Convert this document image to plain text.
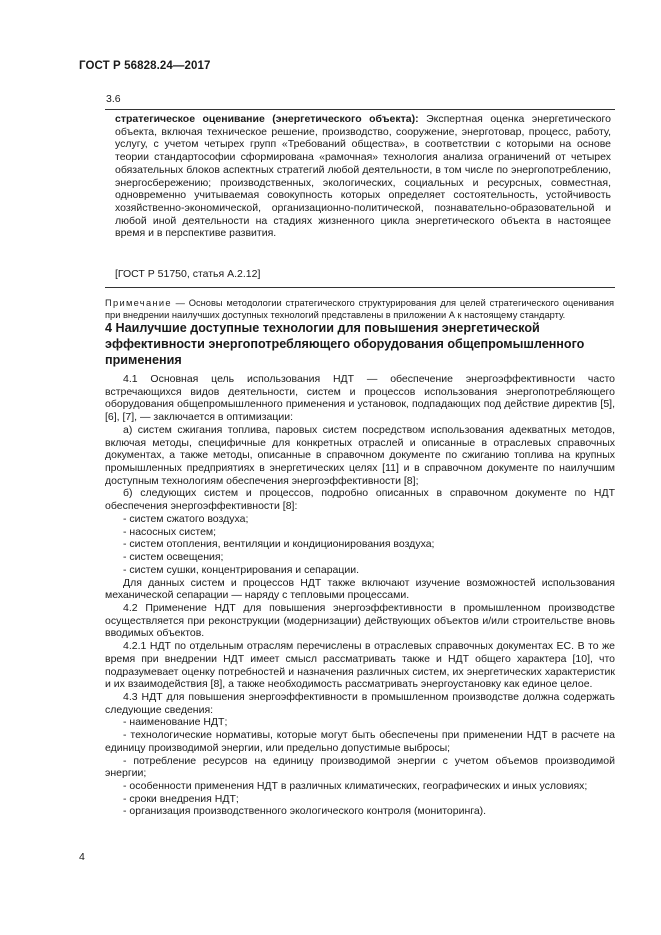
ГОСТ Р 56828.24—2017
3.6
стратегическое оценивание (энергетического объекта): Экспертная оценка энергетического объекта, включая техническое решение, производство, сооружение, энерготовар, процесс, работу, услугу, с учетом четырех групп «Требований общества», в соответствии с которыми на основе теории стандартософии сформирована «рамочная» технология анализа ограничений от четырех обязательных блоков аспектных стратегий любой деятельности, в том числе по энергопотреблению, энергосбережению; производственных, экологических, социальных и ресурсных, совместная, одновременно учитываемая совокупность которых определяет состоятельность, устойчивость хозяйственно-экономической, организационно-политической, познавательно-образовательной и любой иной деятельности на стадиях жизненного цикла энергетического объекта в настоящее время и в перспективе развития.
[ГОСТ Р 51750, статья А.2.12]
Примечание — Основы методологии стратегического структурирования для целей стратегического оценивания при внедрении наилучших доступных технологий представлены в приложении А к настоящему стандарту.
4 Наилучшие доступные технологии для повышения энергетической эффективности энергопотребляющего оборудования общепромышленного применения

4.1 Основная цель использования НДТ — обеспечение энергоэффективности часто встречающихся видов деятельности, систем и процессов использования энергопотребляющего оборудования общепромышленного применения и установок, подпадающих под действие директив [5], [6], [7], — заключается в оптимизации:

а) систем сжигания топлива, паровых систем посредством использования адекватных методов, включая методы, специфичные для конкретных отраслей и описанные в отраслевых справочных документах, а также методы, описанные в справочном документе по сжиганию топлива на крупных промышленных предприятиях в энергетических целях [11] и в справочном документе по наилучшим доступным технологиям обеспечения энергоэффективности [8];

б) следующих систем и процессов, подробно описанных в справочном документе по НДТ обеспечения энергоэффективности [8]:

- систем сжатого воздуха;

- насосных систем;

- систем отопления, вентиляции и кондиционирования воздуха;

- систем освещения;

- систем сушки, концентрирования и сепарации.

Для данных систем и процессов НДТ также включают изучение возможностей использования механической сепарации — наряду с тепловыми процессами.

4.2 Применение НДТ для повышения энергоэффективности в промышленном производстве осуществляется при реконструкции (модернизации) действующих объектов и/или строительстве вновь вводимых объектов.

4.2.1 НДТ по отдельным отраслям перечислены в отраслевых справочных документах ЕС. В то же время при внедрении НДТ имеет смысл рассматривать также и НДТ общего характера [10], что подразумевает оценку потребностей и назначения различных систем, их энергетических характеристик и их взаимодействия [8], а также необходимость рассматривать энергоустановку как единое целое.

4.3 НДТ для повышения энергоэффективности в промышленном производстве должна содержать следующие сведения:

- наименование НДТ;

- технологические нормативы, которые могут быть обеспечены при применении НДТ в расчете на единицу производимой энергии, или предельно допустимые выбросы;

- потребление ресурсов на единицу производимой энергии с учетом объемов производимой энергии;

- особенности применения НДТ в различных климатических, географических и иных условиях;

- сроки внедрения НДТ;

- организация производственного экологического контроля (мониторинга).

4
